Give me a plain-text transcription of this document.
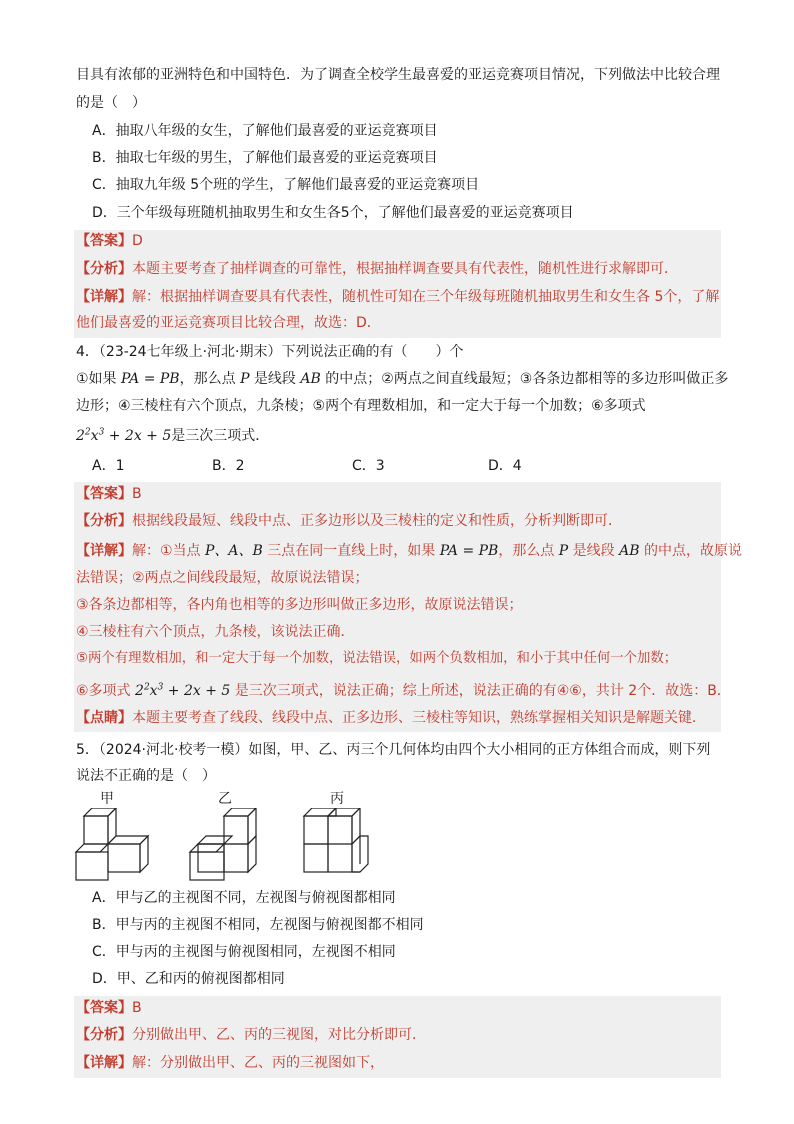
目具有浓郁的亚洲特色和中国特色．为了调查全校学生最喜爱的亚运竞赛项目情况，下列做法中比较合理
的是（　）
A．抽取八年级的女生，了解他们最喜爱的亚运竞赛项目
B．抽取七年级的男生，了解他们最喜爱的亚运竞赛项目
C．抽取九年级 5个班的学生，了解他们最喜爱的亚运竞赛项目
D．三个年级每班随机抽取男生和女生各5个，了解他们最喜爱的亚运竞赛项目
【答案】D
【分析】本题主要考查了抽样调查的可靠性，根据抽样调查要具有代表性，随机性进行求解即可．
【详解】解：根据抽样调查要具有代表性，随机性可知在三个年级每班随机抽取男生和女生各 5个，了解
他们最喜爱的亚运竞赛项目比较合理，故选：D．
4．（23-24七年级上·河北·期末）下列说法正确的有（　　）个
①如果 PA = PB，那么点 P 是线段 AB 的中点；②两点之间直线最短；③各条边都相等的多边形叫做正多
边形；④三棱柱有六个顶点，九条棱；⑤两个有理数相加，和一定大于每一个加数；⑥多项式
$2^2x^3 + 2x + 5$是三次三项式．
A．1	B．2	C．3	D．4
【答案】B
【分析】根据线段最短、线段中点、正多边形以及三棱柱的定义和性质，分析判断即可．
【详解】解：①当点 P、A、B 三点在同一直线上时，如果 PA = PB，那么点 P 是线段 AB 的中点，故原说
法错误；②两点之间线段最短，故原说法错误；
③各条边都相等，各内角也相等的多边形叫做正多边形，故原说法错误；
④三棱柱有六个顶点，九条棱，该说法正确．
⑤两个有理数相加，和一定大于每一个加数，说法错误，如两个负数相加，和小于其中任何一个加数；
⑥多项式 $2^2x^3 + 2x + 5$ 是三次三项式，说法正确；综上所述，说法正确的有④⑥，共计 2个．故选：B．
【点睛】本题主要考查了线段、线段中点、正多边形、三棱柱等知识，熟练掌握相关知识是解题关键．
5．（2024·河北·校考一模）如图，甲、乙、丙三个几何体均由四个大小相同的正方体组合而成，则下列
说法不正确的是（　）
甲	乙	丙
A．甲与乙的主视图不同，左视图与俯视图都相同
B．甲与丙的主视图不相同，左视图与俯视图都不相同
C．甲与丙的主视图与俯视图相同，左视图不相同
D．甲、乙和丙的俯视图都相同
【答案】B
【分析】分别做出甲、乙、丙的三视图，对比分析即可．
【详解】解：分别做出甲、乙、丙的三视图如下，
